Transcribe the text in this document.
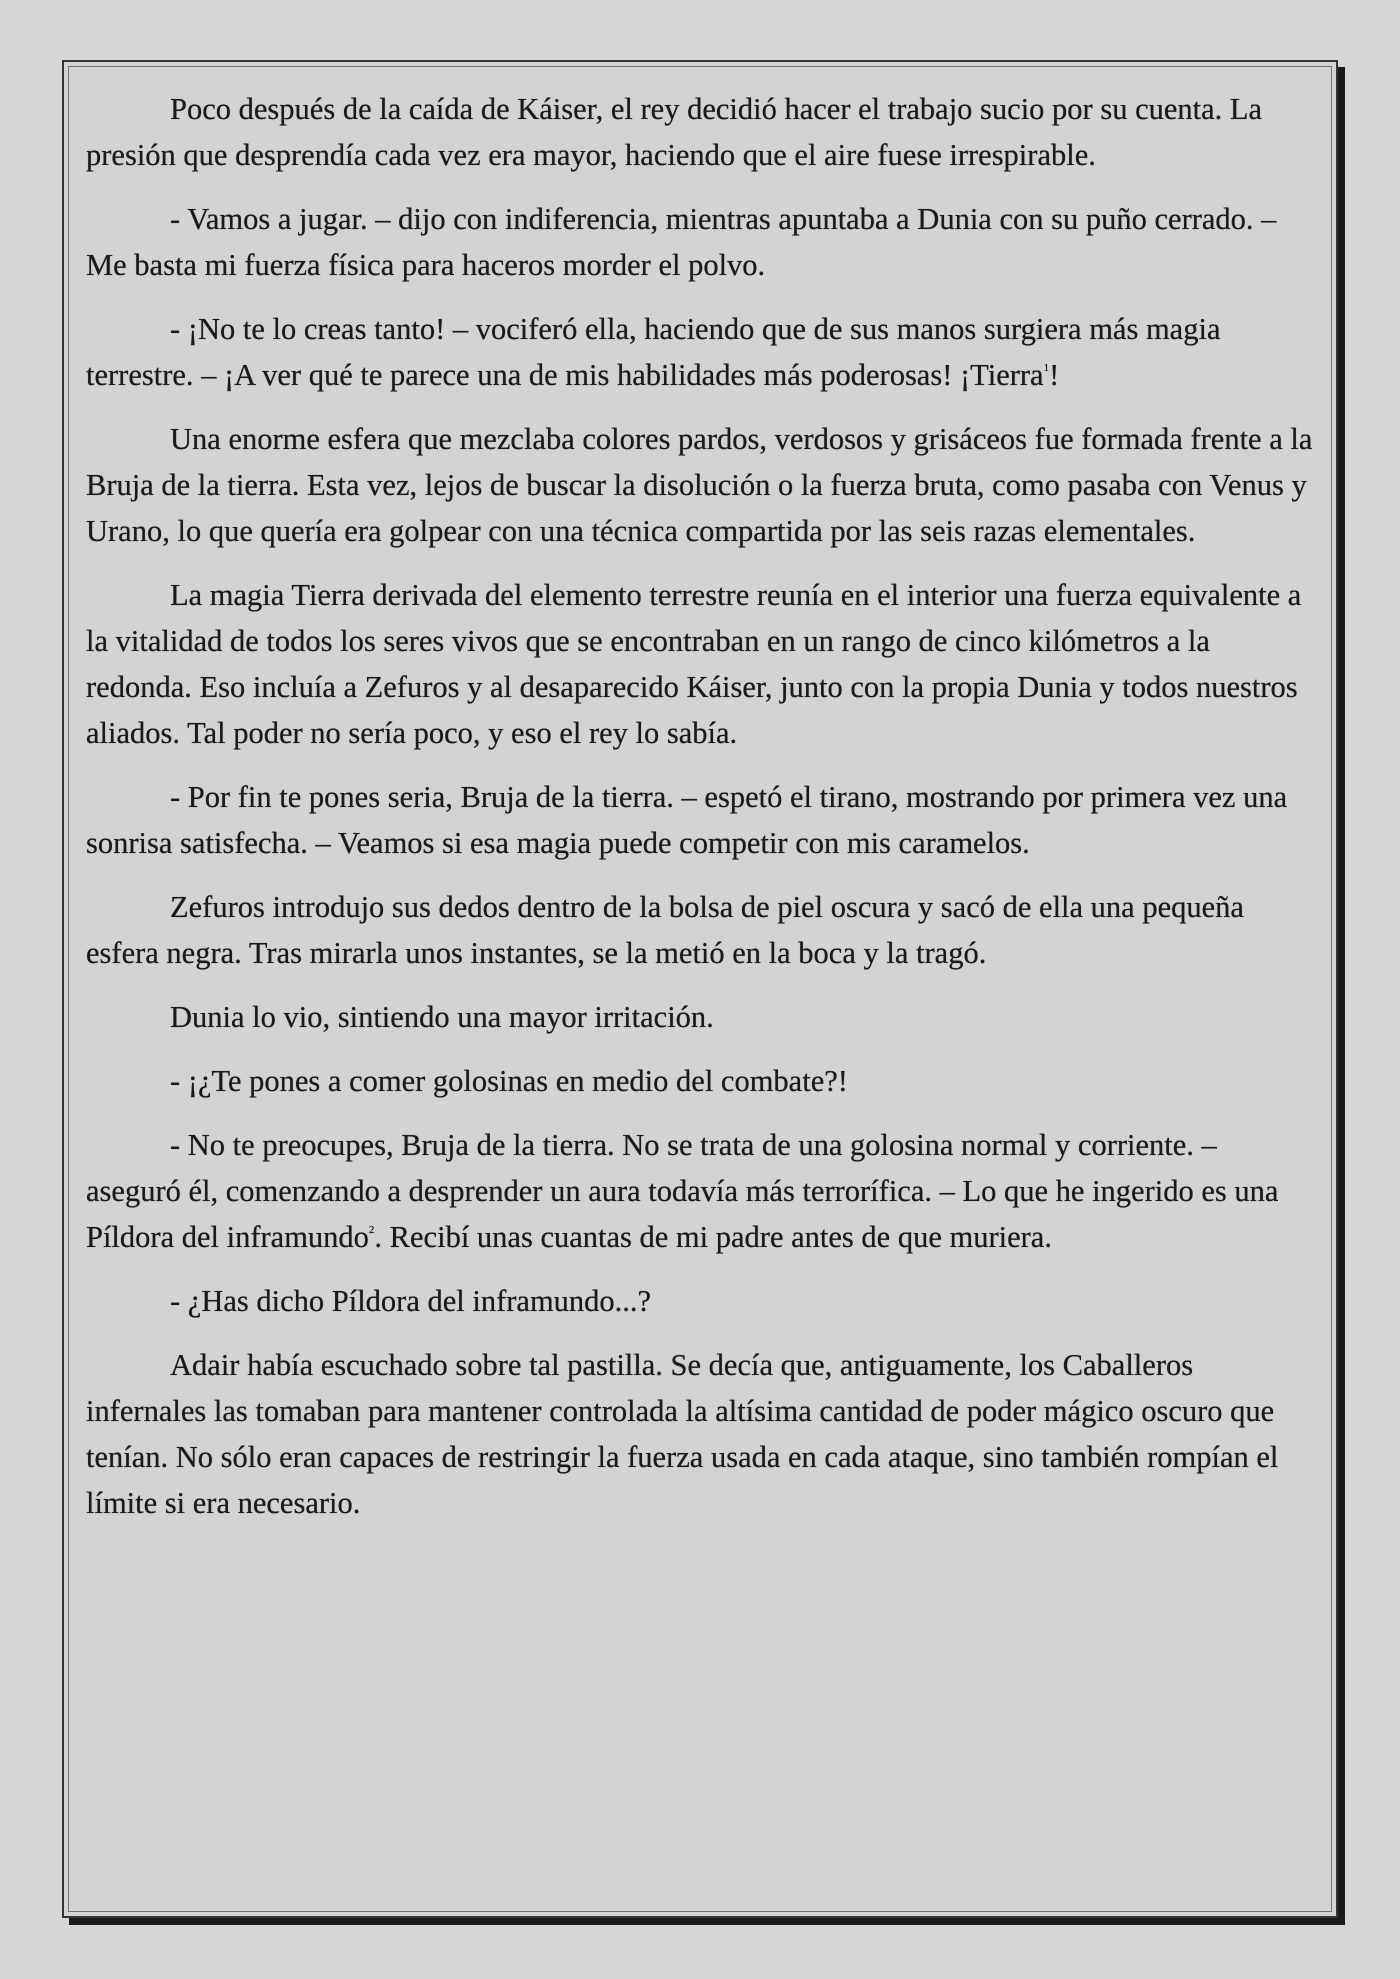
Poco después de la caída de Káiser, el rey decidió hacer el trabajo sucio por su cuenta. La presión que desprendía cada vez era mayor, haciendo que el aire fuese irrespirable.

- Vamos a jugar. – dijo con indiferencia, mientras apuntaba a Dunia con su puño cerrado. – Me basta mi fuerza física para haceros morder el polvo.

- ¡No te lo creas tanto! – vociferó ella, haciendo que de sus manos surgiera más magia terrestre. – ¡A ver qué te parece una de mis habilidades más poderosas! ¡Tierra$^1$!

Una enorme esfera que mezclaba colores pardos, verdosos y grisáceos fue formada frente a la Bruja de la tierra. Esta vez, lejos de buscar la disolución o la fuerza bruta, como pasaba con Venus y Urano, lo que quería era golpear con una técnica compartida por las seis razas elementales.

La magia Tierra derivada del elemento terrestre reunía en el interior una fuerza equivalente a la vitalidad de todos los seres vivos que se encontraban en un rango de cinco kilómetros a la redonda. Eso incluía a Zefuros y al desaparecido Káiser, junto con la propia Dunia y todos nuestros aliados. Tal poder no sería poco, y eso el rey lo sabía.

- Por fin te pones seria, Bruja de la tierra. – espetó el tirano, mostrando por primera vez una sonrisa satisfecha. – Veamos si esa magia puede competir con mis caramelos.

Zefuros introdujo sus dedos dentro de la bolsa de piel oscura y sacó de ella una pequeña esfera negra. Tras mirarla unos instantes, se la metió en la boca y la tragó.

Dunia lo vio, sintiendo una mayor irritación.

- ¡¿Te pones a comer golosinas en medio del combate?!

- No te preocupes, Bruja de la tierra. No se trata de una golosina normal y corriente. – aseguró él, comenzando a desprender un aura todavía más terrorífica. – Lo que he ingerido es una Píldora del inframundo$^2$. Recibí unas cuantas de mi padre antes de que muriera.

- ¿Has dicho Píldora del inframundo...?

Adair había escuchado sobre tal pastilla. Se decía que, antiguamente, los Caballeros infernales las tomaban para mantener controlada la altísima cantidad de poder mágico oscuro que tenían. No sólo eran capaces de restringir la fuerza usada en cada ataque, sino también rompían el límite si era necesario.
